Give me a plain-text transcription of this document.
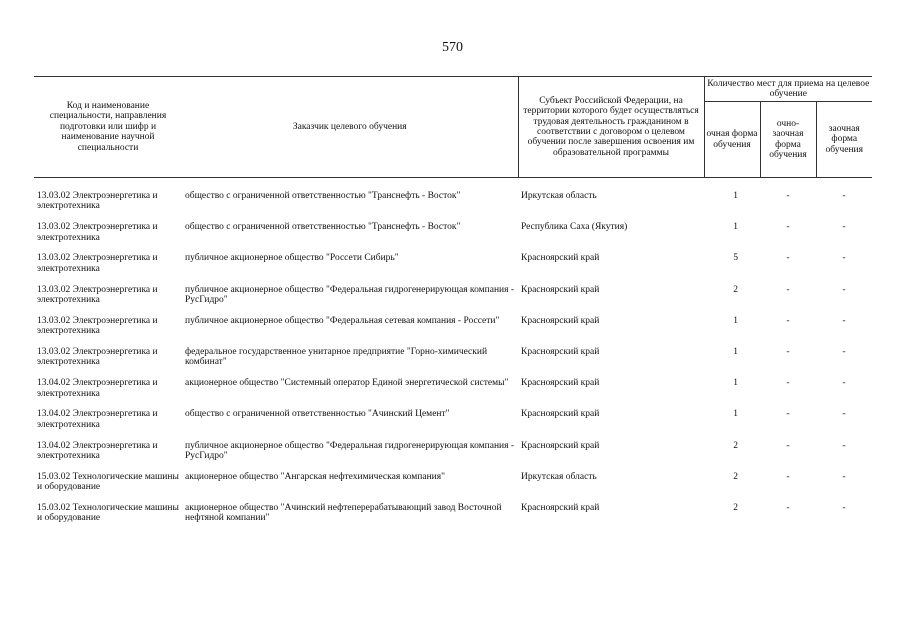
570
Код и наименование специальности, направления подготовки или шифр и наименование научной специальности	Заказчик целевого обучения	Субъект Российской Федерации, на территории которого будет осуществляться трудовая деятельность гражданином в соответствии с договором о целевом обучении после завершения освоения им образовательной программы	Количество мест для приема на целевое обучение		
			очная форма обучения	очно-заочная форма обучения	заочная форма обучения
13.03.02 Электроэнергетика и электротехника	общество с ограниченной ответственностью "Транснефть - Восток"	Иркутская область	1	-	-
13.03.02 Электроэнергетика и электротехника	общество с ограниченной ответственностью "Транснефть - Восток"	Республика Саха (Якутия)	1	-	-
13.03.02 Электроэнергетика и электротехника	публичное акционерное общество "Россети Сибирь"	Красноярский край	5	-	-
13.03.02 Электроэнергетика и электротехника	публичное акционерное общество "Федеральная гидрогенерирующая компания - РусГидро"	Красноярский край	2	-	-
13.03.02 Электроэнергетика и электротехника	публичное акционерное общество "Федеральная сетевая компания - Россети"	Красноярский край	1	-	-
13.03.02 Электроэнергетика и электротехника	федеральное государственное унитарное предприятие "Горно-химический комбинат"	Красноярский край	1	-	-
13.04.02 Электроэнергетика и электротехника	акционерное общество "Системный оператор Единой энергетической системы"	Красноярский край	1	-	-
13.04.02 Электроэнергетика и электротехника	общество с ограниченной ответственностью "Ачинский Цемент"	Красноярский край	1	-	-
13.04.02 Электроэнергетика и электротехника	публичное акционерное общество "Федеральная гидрогенерирующая компания - РусГидро"	Красноярский край	2	-	-
15.03.02 Технологические машины и оборудование	акционерное общество "Ангарская нефтехимическая компания"	Иркутская область	2	-	-
15.03.02 Технологические машины и оборудование	акционерное общество "Ачинский нефтеперерабатывающий завод Восточной нефтяной компании"	Красноярский край	2	-	-
